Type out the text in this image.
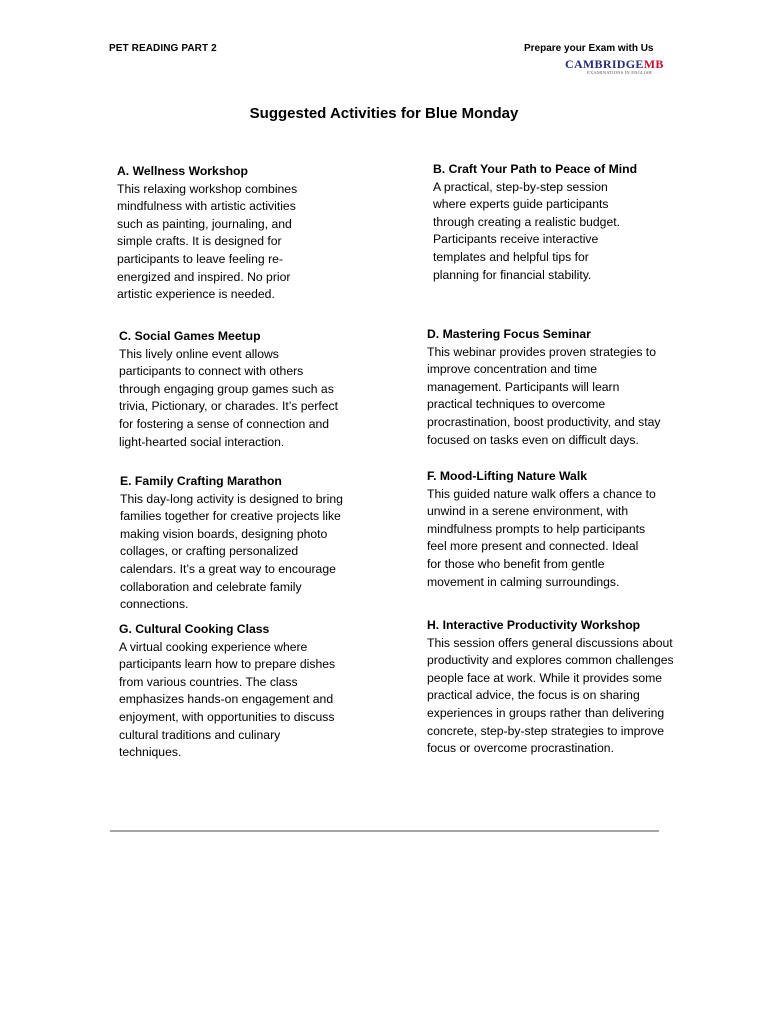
PET READING PART 2	Prepare your Exam with Us
CAMBRIDGEMB
EXAMINATIONS IN ENGLISH
Suggested Activities for Blue Monday
A. Wellness Workshop
This relaxing workshop combines
mindfulness with artistic activities
such as painting, journaling, and
simple crafts. It is designed for
participants to leave feeling re-
energized and inspired. No prior
artistic experience is needed.
B. Craft Your Path to Peace of Mind
A practical, step-by-step session
where experts guide participants
through creating a realistic budget.
Participants receive interactive
templates and helpful tips for
planning for financial stability.
C. Social Games Meetup
This lively online event allows
participants to connect with others
through engaging group games such as
trivia, Pictionary, or charades. It’s perfect
for fostering a sense of connection and
light-hearted social interaction.
D. Mastering Focus Seminar
This webinar provides proven strategies to
improve concentration and time
management. Participants will learn
practical techniques to overcome
procrastination, boost productivity, and stay
focused on tasks even on difficult days.
E. Family Crafting Marathon
This day-long activity is designed to bring
families together for creative projects like
making vision boards, designing photo
collages, or crafting personalized
calendars. It’s a great way to encourage
collaboration and celebrate family
connections.
F. Mood-Lifting Nature Walk
This guided nature walk offers a chance to
unwind in a serene environment, with
mindfulness prompts to help participants
feel more present and connected. Ideal
for those who benefit from gentle
movement in calming surroundings.
G. Cultural Cooking Class
A virtual cooking experience where
participants learn how to prepare dishes
from various countries. The class
emphasizes hands-on engagement and
enjoyment, with opportunities to discuss
cultural traditions and culinary
techniques.
H. Interactive Productivity Workshop
This session offers general discussions about
productivity and explores common challenges
people face at work. While it provides some
practical advice, the focus is on sharing
experiences in groups rather than delivering
concrete, step-by-step strategies to improve
focus or overcome procrastination.
